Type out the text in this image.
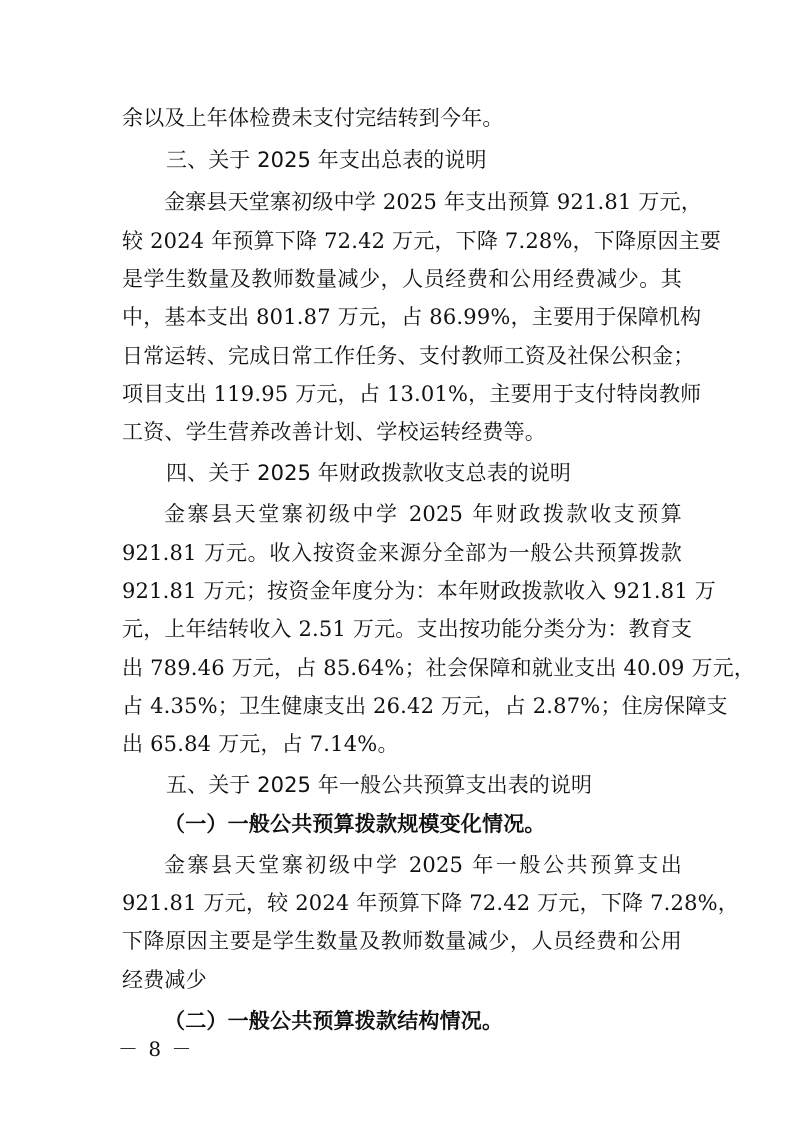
余以及上年体检费未支付完结转到今年。
三、关于 2025 年支出总表的说明
金寨县天堂寨初级中学 2025 年支出预算 921.81 万元，
较 2024 年预算下降 72.42 万元，下降 7.28%，下降原因主要
是学生数量及教师数量减少，人员经费和公用经费减少。其
中，基本支出 801.87 万元，占 86.99%，主要用于保障机构
日常运转、完成日常工作任务、支付教师工资及社保公积金；
项目支出 119.95 万元，占 13.01%，主要用于支付特岗教师
工资、学生营养改善计划、学校运转经费等。
四、关于 2025 年财政拨款收支总表的说明
金寨县天堂寨初级中学 2025 年财政拨款收支预算
921.81 万元。收入按资金来源分全部为一般公共预算拨款
921.81 万元；按资金年度分为：本年财政拨款收入 921.81 万
元，上年结转收入 2.51 万元。支出按功能分类分为：教育支
出 789.46 万元，占 85.64%；社会保障和就业支出 40.09 万元，
占 4.35%；卫生健康支出 26.42 万元，占 2.87%；住房保障支
出 65.84 万元，占 7.14%。
五、关于 2025 年一般公共预算支出表的说明
（一）一般公共预算拨款规模变化情况。
金寨县天堂寨初级中学 2025 年一般公共预算支出
921.81 万元，较 2024 年预算下降 72.42 万元，下降 7.28%，
下降原因主要是学生数量及教师数量减少，人员经费和公用
经费减少
（二）一般公共预算拨款结构情况。
－ 8 －
